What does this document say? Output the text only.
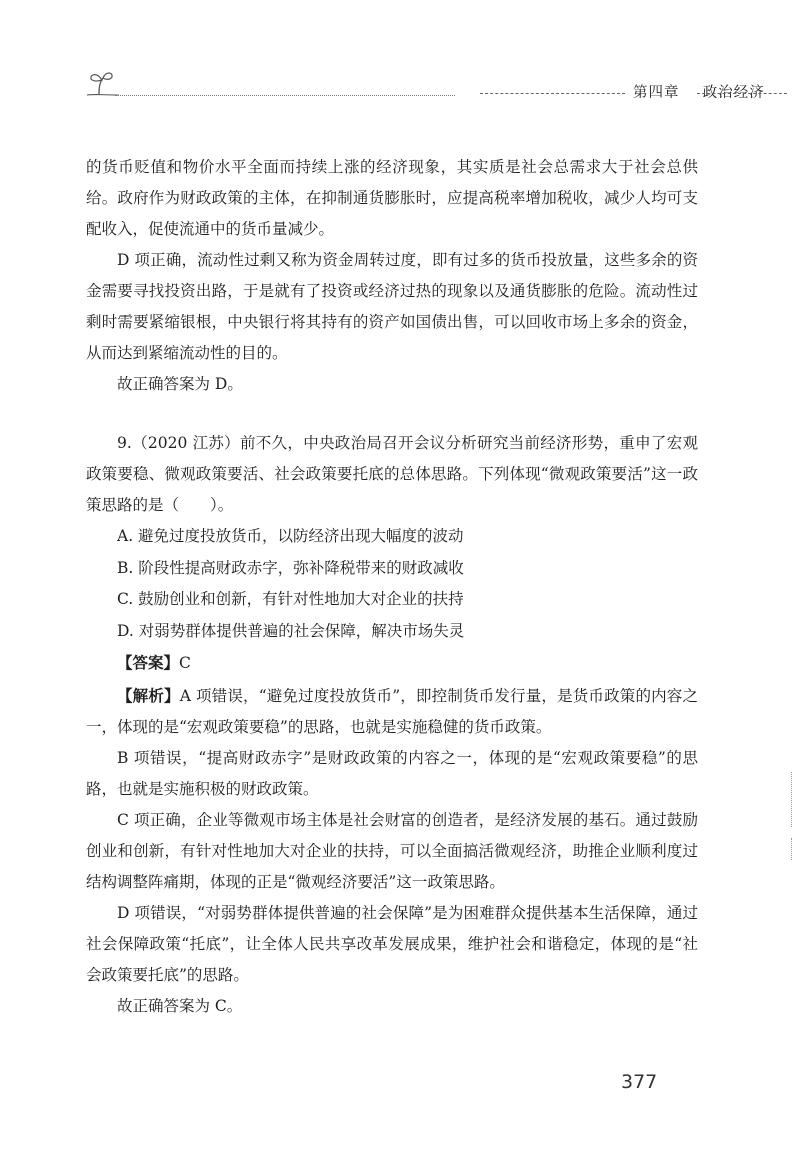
第四章 政治经济

的货币贬值和物价水平全面而持续上涨的经济现象，其实质是社会总需求大于社会总供给。政府作为财政政策的主体，在抑制通货膨胀时，应提高税率增加税收，减少人均可支配收入，促使流通中的货币量减少。

D 项正确，流动性过剩又称为资金周转过度，即有过多的货币投放量，这些多余的资金需要寻找投资出路，于是就有了投资或经济过热的现象以及通货膨胀的危险。流动性过剩时需要紧缩银根，中央银行将其持有的资产如国债出售，可以回收市场上多余的资金，从而达到紧缩流动性的目的。

故正确答案为 D。

9.（2020 江苏）前不久，中央政治局召开会议分析研究当前经济形势，重申了宏观政策要稳、微观政策要活、社会政策要托底的总体思路。下列体现“微观政策要活”这一政策思路的是（　　）。

A. 避免过度投放货币，以防经济出现大幅度的波动

B. 阶段性提高财政赤字，弥补降税带来的财政减收

C. 鼓励创业和创新，有针对性地加大对企业的扶持

D. 对弱势群体提供普遍的社会保障，解决市场失灵

【答案】C

【解析】A 项错误，“避免过度投放货币”，即控制货币发行量，是货币政策的内容之一，体现的是“宏观政策要稳”的思路，也就是实施稳健的货币政策。

B 项错误，“提高财政赤字”是财政政策的内容之一，体现的是“宏观政策要稳”的思路，也就是实施积极的财政政策。

C 项正确，企业等微观市场主体是社会财富的创造者，是经济发展的基石。通过鼓励创业和创新，有针对性地加大对企业的扶持，可以全面搞活微观经济，助推企业顺利度过结构调整阵痛期，体现的正是“微观经济要活”这一政策思路。

D 项错误，“对弱势群体提供普遍的社会保障”是为困难群众提供基本生活保障，通过社会保障政策“托底”，让全体人民共享改革发展成果，维护社会和谐稳定，体现的是“社会政策要托底”的思路。

故正确答案为 C。

377
